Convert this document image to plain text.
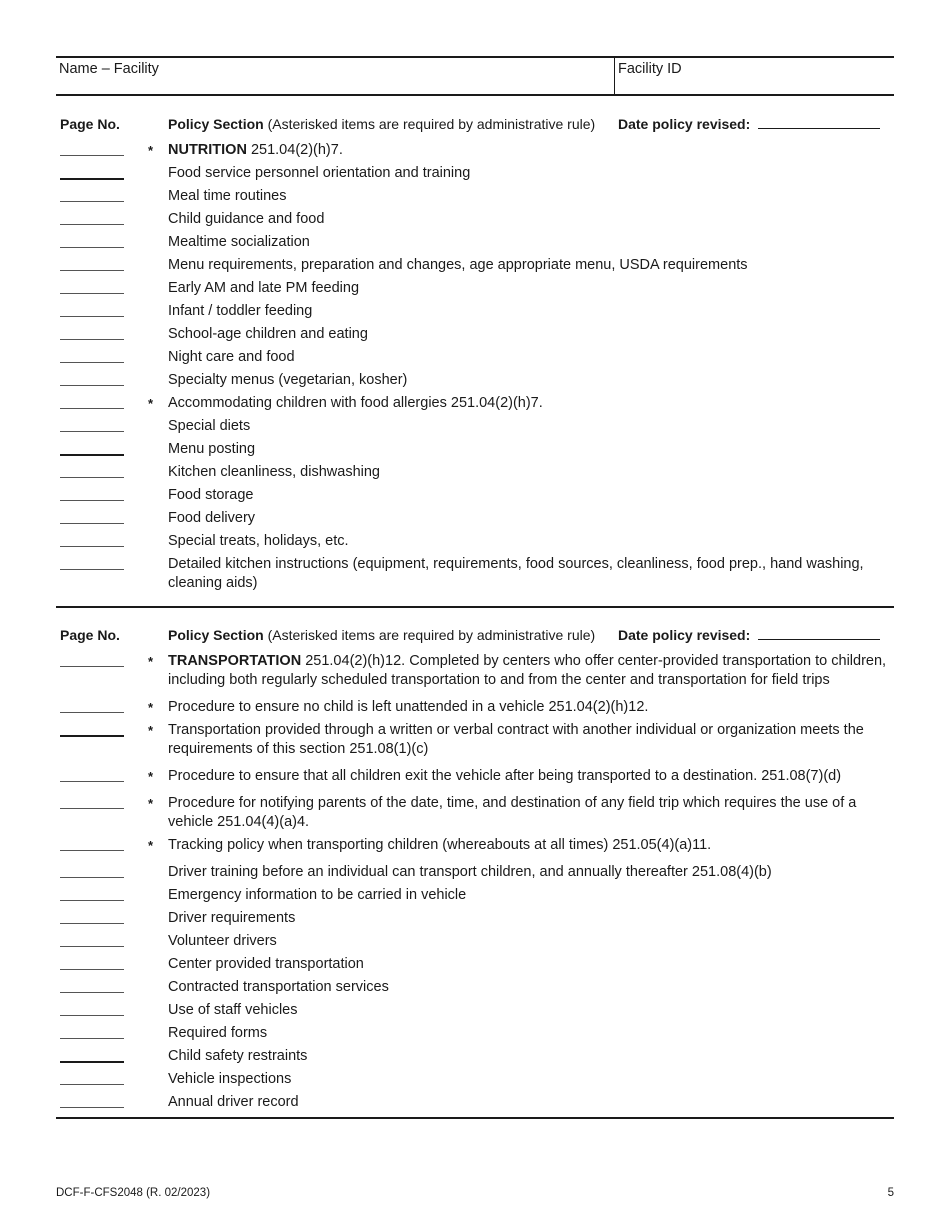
Name – Facility	Facility ID
Page No.	Policy Section (Asterisked items are required by administrative rule) Date policy revised:
* NUTRITION 251.04(2)(h)7.
Food service personnel orientation and training
Meal time routines
Child guidance and food
Mealtime socialization
Menu requirements, preparation and changes, age appropriate menu, USDA requirements
Early AM and late PM feeding
Infant / toddler feeding
School-age children and eating
Night care and food
Specialty menus (vegetarian, kosher)
* Accommodating children with food allergies 251.04(2)(h)7.
Special diets
Menu posting
Kitchen cleanliness, dishwashing
Food storage
Food delivery
Special treats, holidays, etc.
Detailed kitchen instructions (equipment, requirements, food sources, cleanliness, food prep., hand washing, cleaning aids)
Page No.	Policy Section (Asterisked items are required by administrative rule) Date policy revised:
* TRANSPORTATION 251.04(2)(h)12. Completed by centers who offer center-provided transportation to children, including both regularly scheduled transportation to and from the center and transportation for field trips
* Procedure to ensure no child is left unattended in a vehicle 251.04(2)(h)12.
* Transportation provided through a written or verbal contract with another individual or organization meets the requirements of this section 251.08(1)(c)
* Procedure to ensure that all children exit the vehicle after being transported to a destination. 251.08(7)(d)
* Procedure for notifying parents of the date, time, and destination of any field trip which requires the use of a vehicle 251.04(4)(a)4.
* Tracking policy when transporting children (whereabouts at all times) 251.05(4)(a)11.
Driver training before an individual can transport children, and annually thereafter 251.08(4)(b)
Emergency information to be carried in vehicle
Driver requirements
Volunteer drivers
Center provided transportation
Contracted transportation services
Use of staff vehicles
Required forms
Child safety restraints
Vehicle inspections
Annual driver record
DCF-F-CFS2048 (R. 02/2023)	5
